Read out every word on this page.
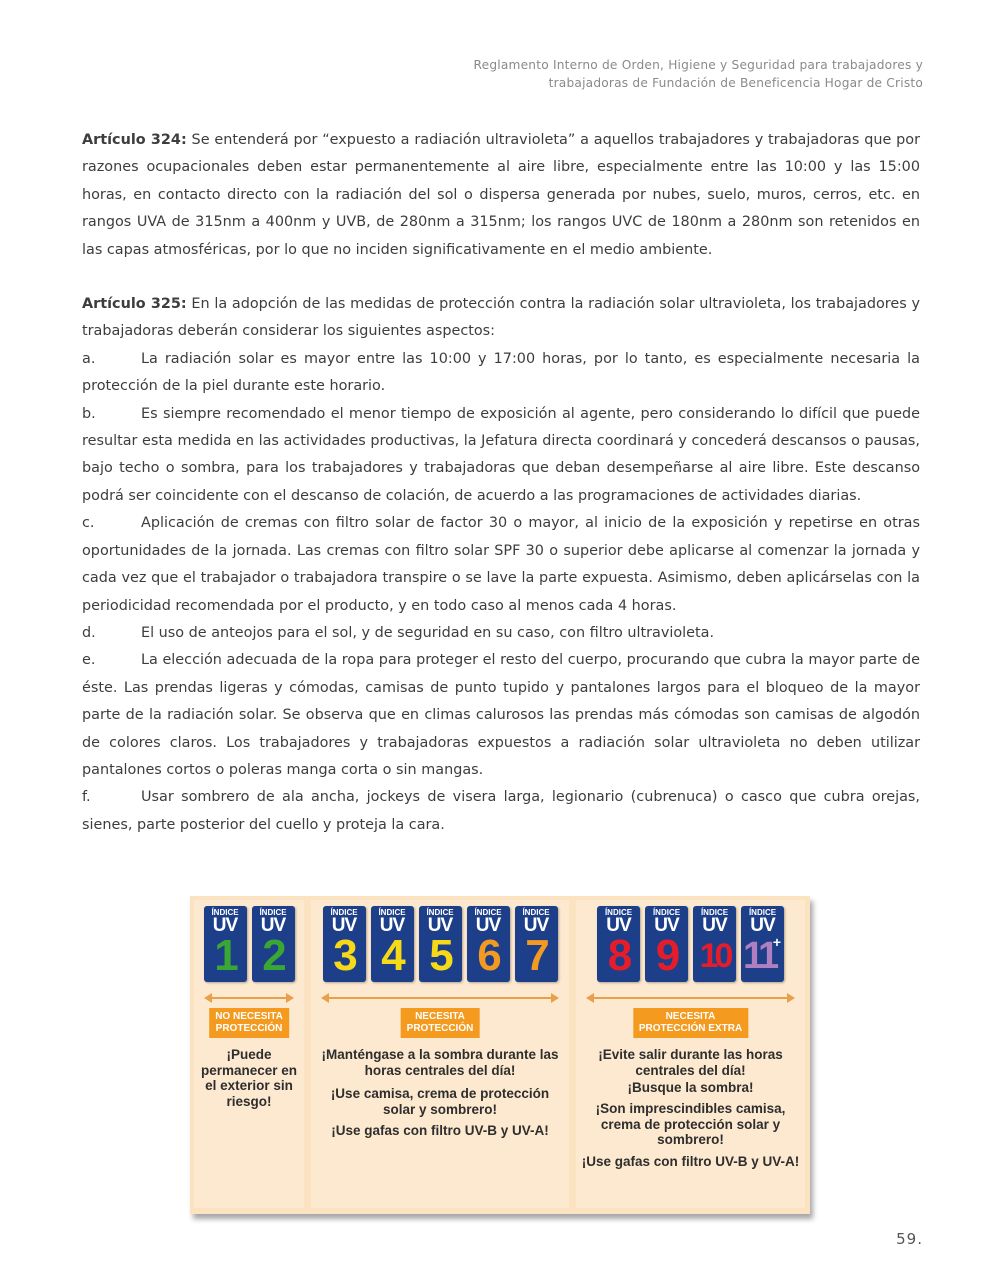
Reglamento Interno de Orden, Higiene y Seguridad para trabajadores y
trabajadoras de Fundación de Beneficencia Hogar de Cristo

Artículo 324: Se entenderá por “expuesto a radiación ultravioleta” a aquellos trabajadores y trabajadoras que por razones ocupacionales deben estar permanentemente al aire libre, especialmente entre las 10:00 y las 15:00 horas, en contacto directo con la radiación del sol o dispersa generada por nubes, suelo, muros, cerros, etc. en rangos UVA de 315nm a 400nm y UVB, de 280nm a 315nm; los rangos UVC de 180nm a 280nm son retenidos en las capas atmosféricas, por lo que no inciden significativamente en el medio ambiente.

Artículo 325: En la adopción de las medidas de protección contra la radiación solar ultravioleta, los trabajadores y trabajadoras deberán considerar los siguientes aspectos:

a.	La radiación solar es mayor entre las 10:00 y 17:00 horas, por lo tanto, es especialmente necesaria la protección de la piel durante este horario.

b.	Es siempre recomendado el menor tiempo de exposición al agente, pero considerando lo difícil que puede resultar esta medida en las actividades productivas, la Jefatura directa coordinará y concederá descansos o pausas, bajo techo o sombra, para los trabajadores y trabajadoras que deban desempeñarse al aire libre. Este descanso podrá ser coincidente con el descanso de colación, de acuerdo a las programaciones de actividades diarias.

c.	Aplicación de cremas con filtro solar de factor 30 o mayor, al inicio de la exposición y repetirse en otras oportunidades de la jornada. Las cremas con filtro solar SPF 30 o superior debe aplicarse al comenzar la jornada y cada vez que el trabajador o trabajadora transpire o se lave la parte expuesta. Asimismo, deben aplicárselas con la periodicidad recomendada por el producto, y en todo caso al menos cada 4 horas.

d.	El uso de anteojos para el sol, y de seguridad en su caso, con filtro ultravioleta.

e.	La elección adecuada de la ropa para proteger el resto del cuerpo, procurando que cubra la mayor parte de éste. Las prendas ligeras y cómodas, camisas de punto tupido y pantalones largos para el bloqueo de la mayor parte de la radiación solar. Se observa que en climas calurosos las prendas más cómodas son camisas de algodón de colores claros. Los trabajadores y trabajadoras expuestos a radiación solar ultravioleta no deben utilizar pantalones cortos o poleras manga corta o sin mangas.

f.	Usar sombrero de ala ancha, jockeys de visera larga, legionario (cubrenuca) o casco que cubra orejas, sienes, parte posterior del cuello y proteja la cara.

ÍNDICE
UV
1
ÍNDICE
UV
2
NO NECESITA
PROTECCIÓN
¡Puede permanecer en el exterior sin riesgo!
ÍNDICE
UV
3
ÍNDICE
UV
4
ÍNDICE
UV
5
ÍNDICE
UV
6
ÍNDICE
UV
7
NECESITA
PROTECCIÓN
¡Manténgase a la sombra durante las horas centrales del día!
¡Use camisa, crema de protección solar y sombrero!
¡Use gafas con filtro UV-B y UV-A!
ÍNDICE
UV
8
ÍNDICE
UV
9
ÍNDICE
UV
10
ÍNDICE
UV
11
+
NECESITA
PROTECCIÓN EXTRA
¡Evite salir durante las horas centrales del día!
¡Busque la sombra!
¡Son imprescindibles camisa, crema de protección solar y sombrero!
¡Use gafas con filtro UV-B y UV-A!
59.
